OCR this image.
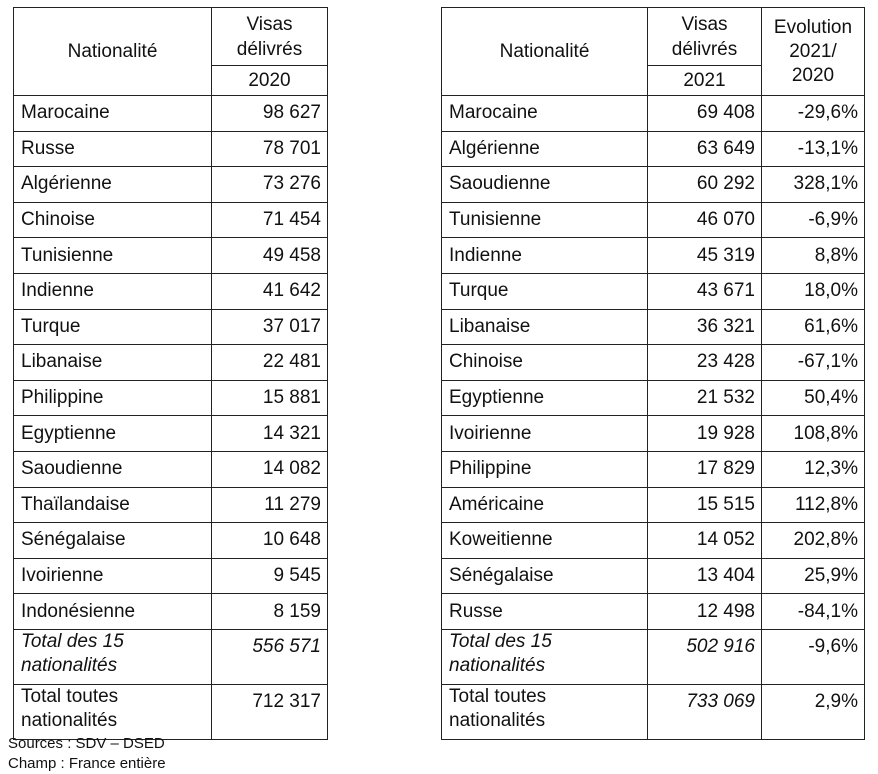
Nationalité	Visas délivrés
	2020
Marocaine	98 627
Russe	78 701
Algérienne	73 276
Chinoise	71 454
Tunisienne	49 458
Indienne	41 642
Turque	37 017
Libanaise	22 481
Philippine	15 881
Egyptienne	14 321
Saoudienne	14 082
Thaïlandaise	11 279
Sénégalaise	10 648
Ivoirienne	9 545
Indonésienne	8 159
Total des 15 nationalités	556 571
Total toutes nationalités	712 317
Nationalité	Visas délivrés	Evolution 2021/ 2020
	2021	
Marocaine	69 408	-29,6%
Algérienne	63 649	-13,1%
Saoudienne	60 292	328,1%
Tunisienne	46 070	-6,9%
Indienne	45 319	8,8%
Turque	43 671	18,0%
Libanaise	36 321	61,6%
Chinoise	23 428	-67,1%
Egyptienne	21 532	50,4%
Ivoirienne	19 928	108,8%
Philippine	17 829	12,3%
Américaine	15 515	112,8%
Koweitienne	14 052	202,8%
Sénégalaise	13 404	25,9%
Russe	12 498	-84,1%
Total des 15 nationalités	502 916	-9,6%
Total toutes nationalités	733 069	2,9%
Sources : SDV – DSED
Champ : France entière
